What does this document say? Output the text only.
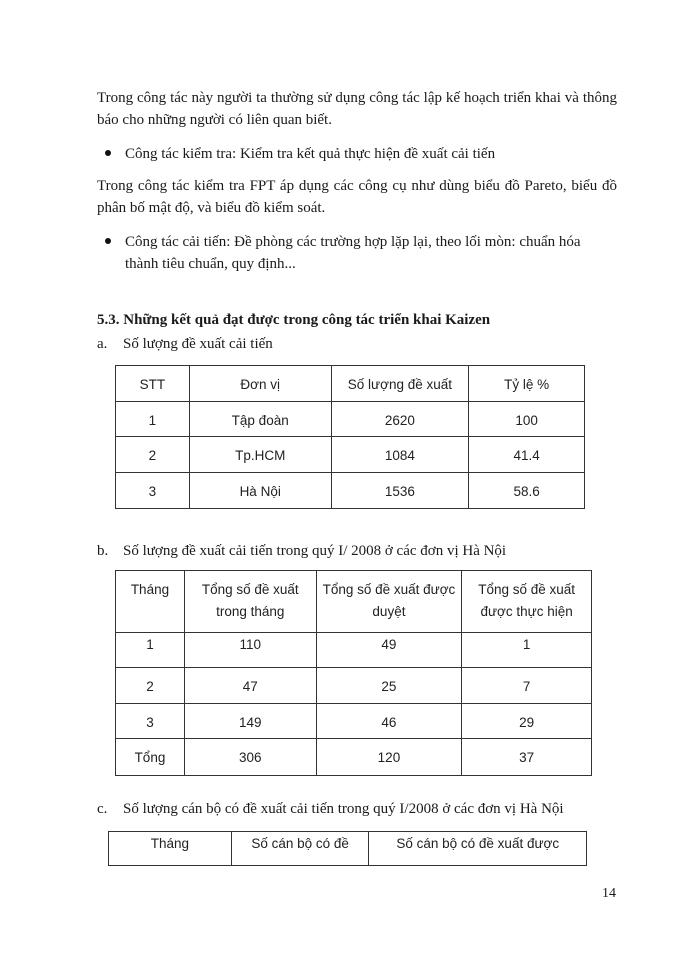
Trong công tác này người ta thường sử dụng công tác lập kế hoạch triển khai và thông báo cho những người có liên quan biết.

Công tác kiểm tra: Kiểm tra kết quả thực hiện đề xuất cải tiến

Trong công tác kiểm tra FPT áp dụng các công cụ như dùng biểu đồ Pareto, biểu đồ phân bố mật độ, và biểu đồ kiểm soát.

Công tác cải tiến: Đề phòng các trường hợp lặp lại, theo lối mòn: chuẩn hóa thành tiêu chuẩn, quy định...
5.3. Những kết quả đạt được trong công tác triển khai Kaizen
a. Số lượng đề xuất cải tiến
STT	Đơn vị	Số lượng đề xuất	Tỷ lệ %

1	Tập đoàn	2620	100

2	Tp.HCM	1084	41.4

3	Hà Nội	1536	58.6
b. Số lượng đề xuất cải tiến trong quý I/ 2008 ở các đơn vị Hà Nội
Tháng	Tổng số đề xuất trong tháng	Tổng số đề xuất được duyệt	Tổng số đề xuất được thực hiện

1	110	49	1

2	47	25	7

3	149	46	29

Tổng	306	120	37
c. Số lượng cán bộ có đề xuất cải tiến trong quý I/2008 ở các đơn vị Hà Nội
Tháng	Số cán bộ có đề	Số cán bộ có đề xuất được
14
